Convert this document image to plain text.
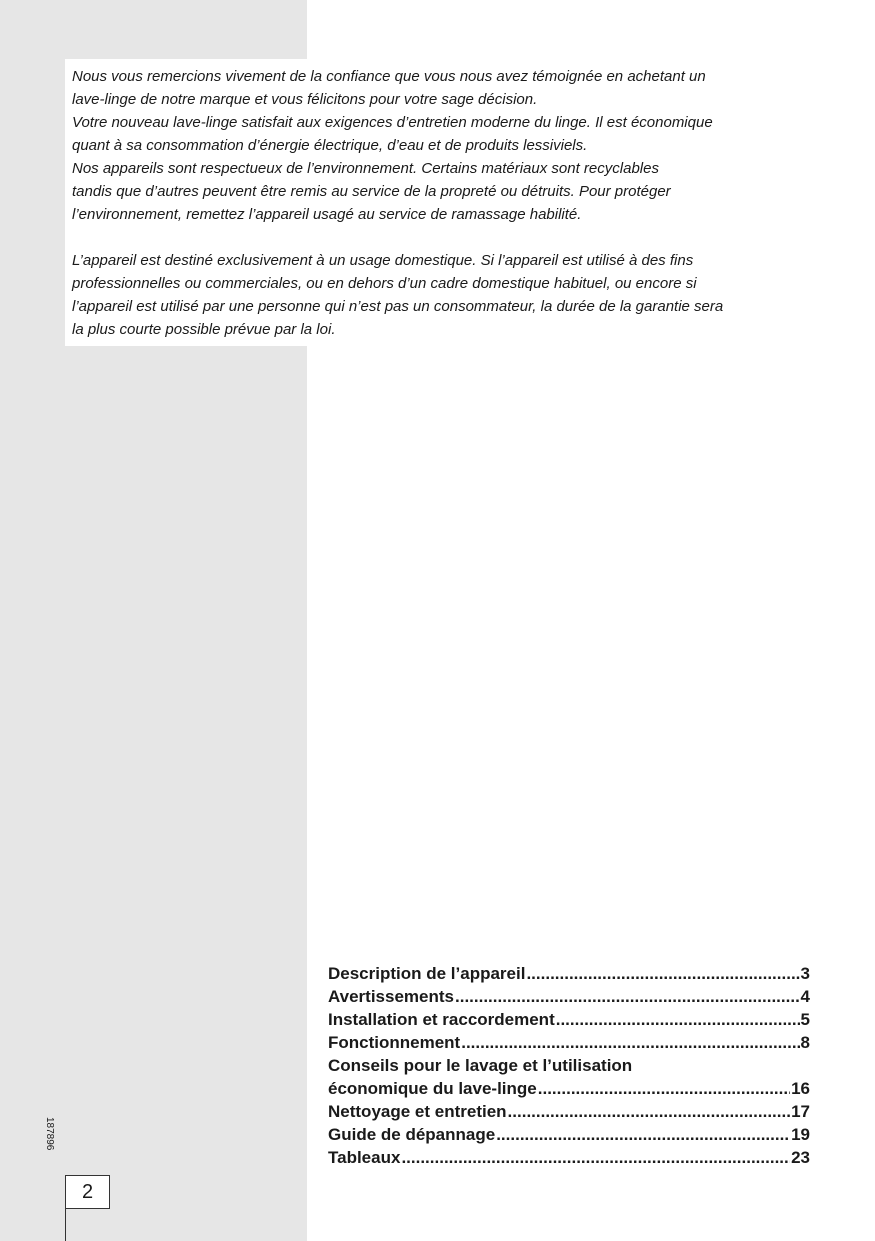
Nous vous remercions vivement de la confiance que vous nous avez témoignée en achetant un
lave-linge de notre marque et vous félicitons pour votre sage décision.
Votre nouveau lave-linge satisfait aux exigences d’entretien moderne du linge. Il est économique
quant à sa consommation d’énergie électrique, d’eau et de produits lessiviels.
Nos appareils sont respectueux de l’environnement. Certains matériaux sont recyclables
tandis que d’autres peuvent être remis au service de la propreté ou détruits. Pour protéger
l’environnement, remettez l’appareil usagé au service de ramassage habilité.

L’appareil est destiné exclusivement à un usage domestique. Si l’appareil est utilisé à des fins
professionnelles ou commerciales, ou en dehors d’un cadre domestique habituel, ou encore si
l’appareil est utilisé par une personne qui n’est pas un consommateur, la durée de la garantie sera
la plus courte possible prévue par la loi.

Description de l’appareil .....	3
Avertissements .....	4
Installation et raccordement .....	5
Fonctionnement .....	8
Conseils pour le lavage et l’utilisation
économique du lave-linge .....	16
Nettoyage et entretien .....	17
Guide de dépannage .....	19
Tableaux .....	23
187896
2
